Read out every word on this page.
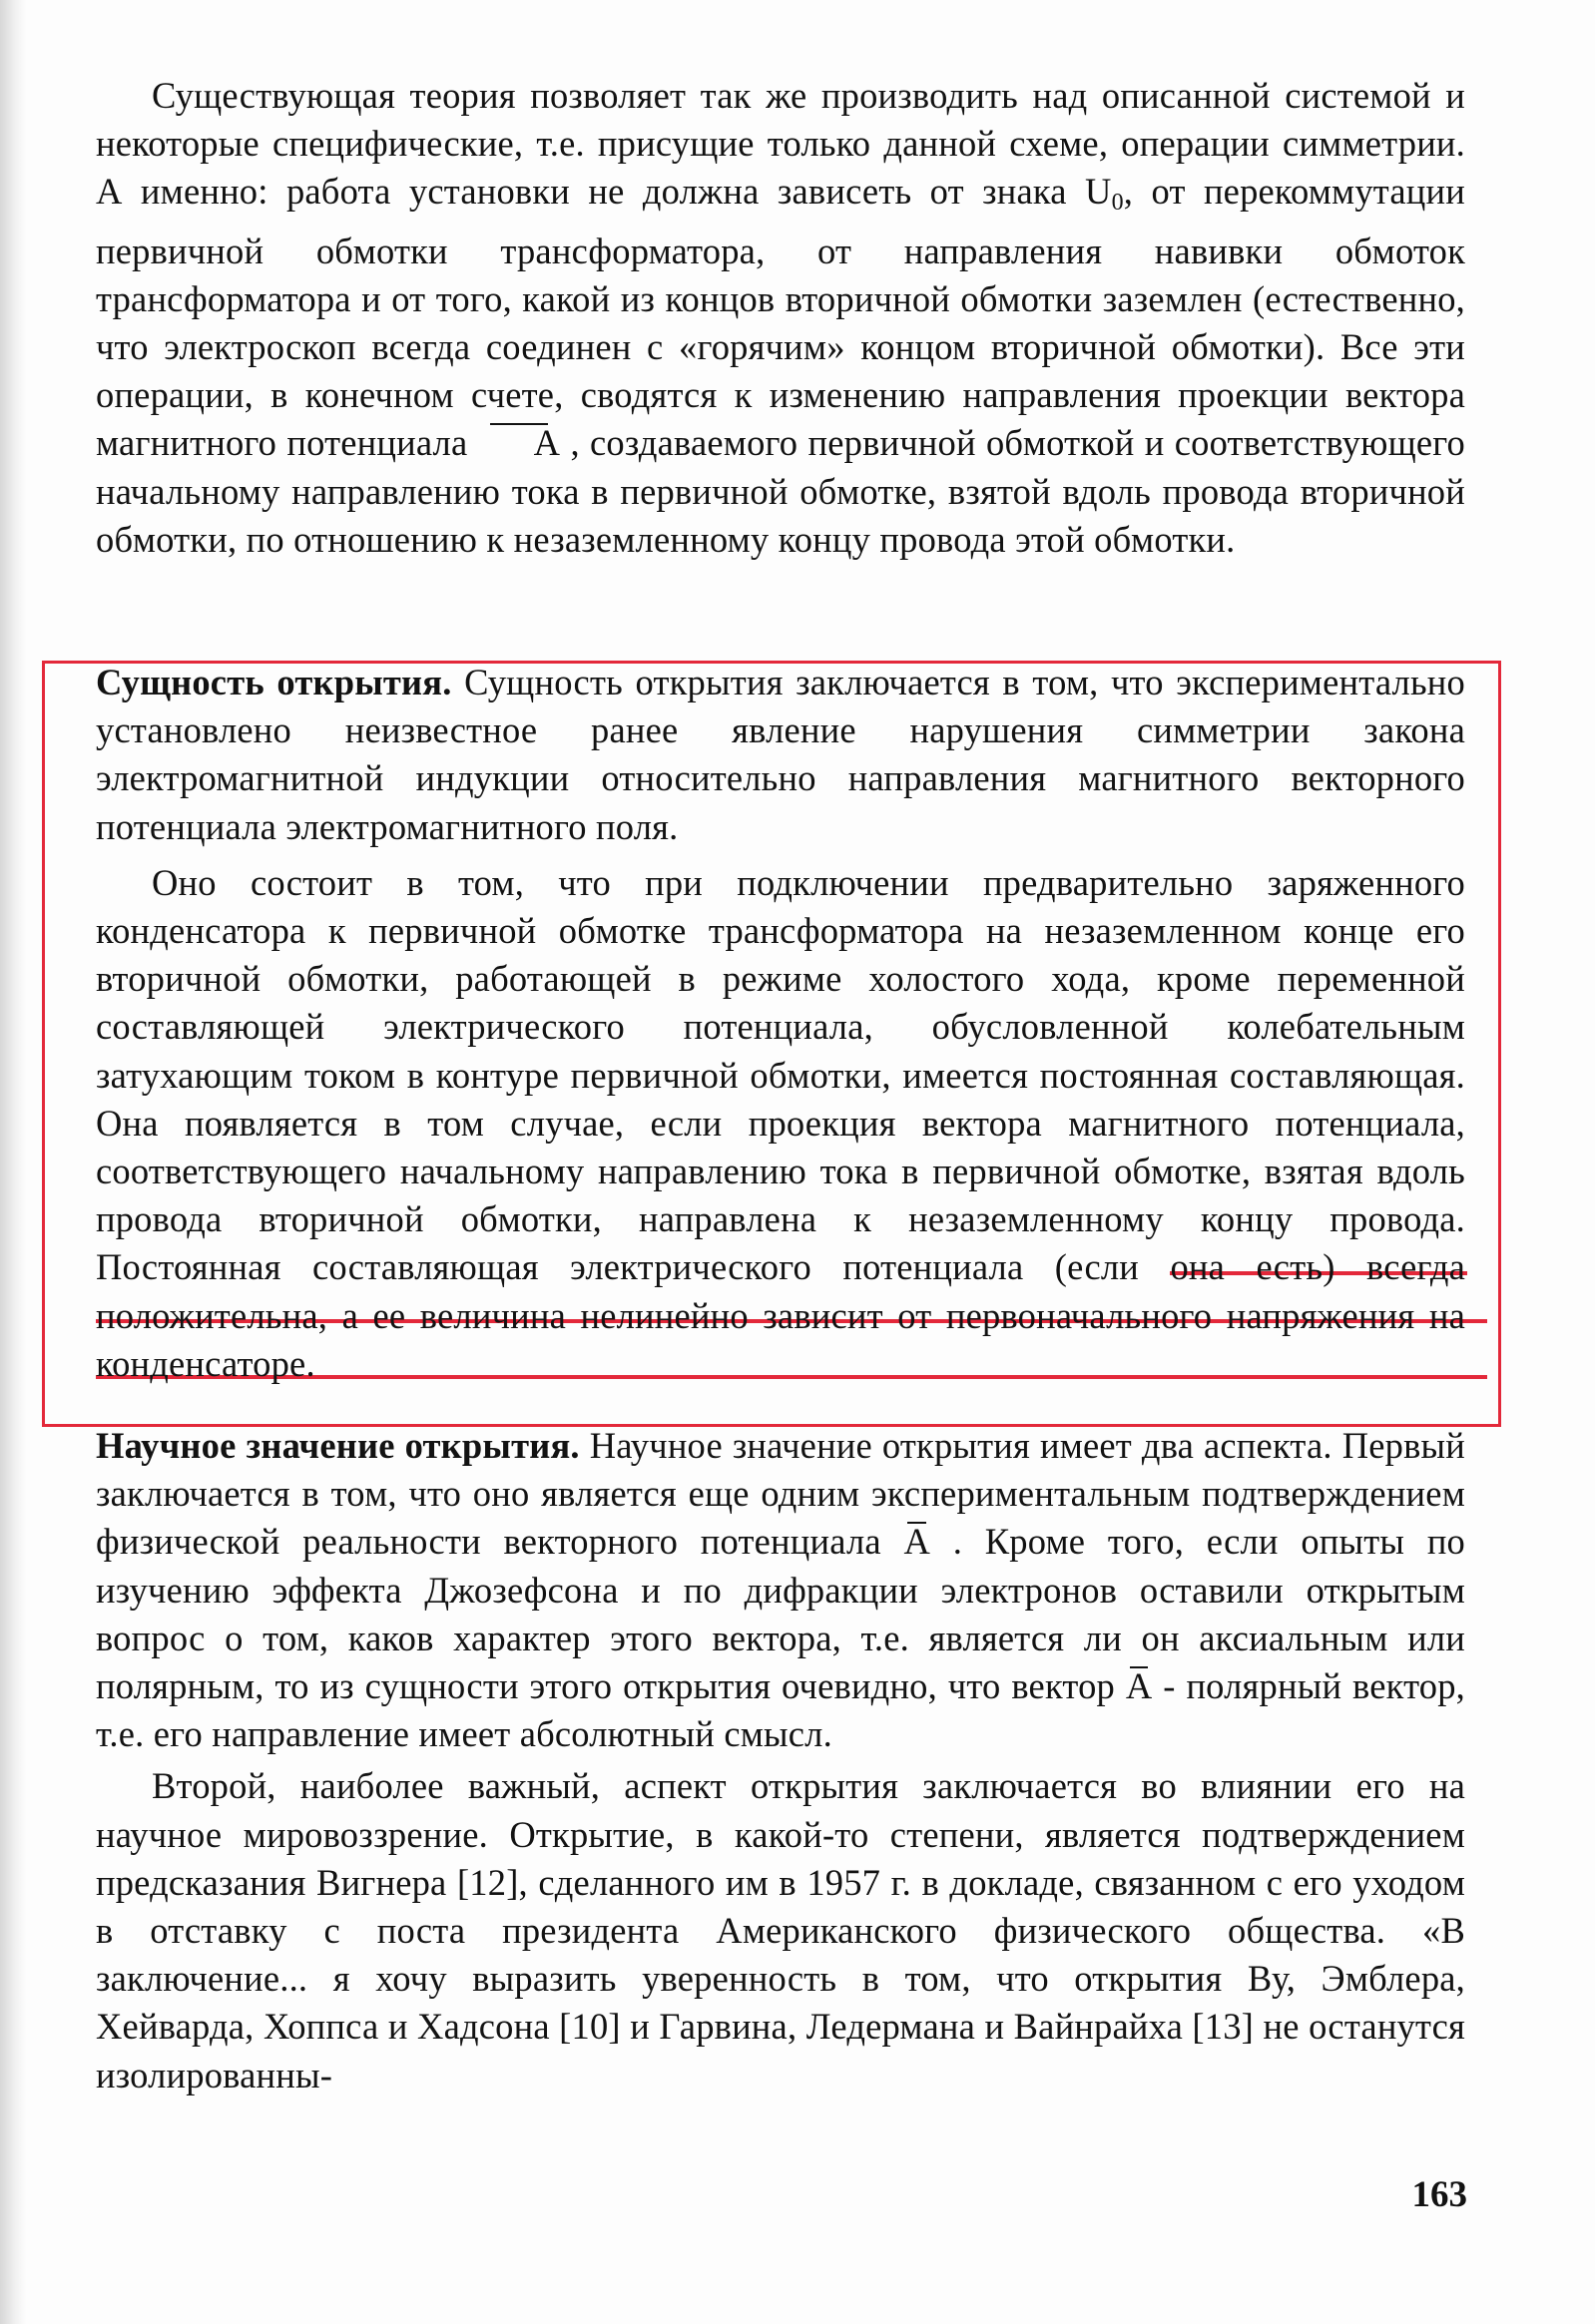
Существующая теория позволяет так же производить над описанной системой и некоторые специфические, т.е. присущие только данной схеме, операции симметрии. А именно: работа установки не должна зависеть от знака $U_0$, от перекоммутации первичной обмотки трансформатора, от направления навивки обмоток трансформатора и от того, какой из концов вторичной обмотки заземлен (естественно, что электроскоп всегда соединен с «горячим» концом вторичной обмотки). Все эти операции, в конечном счете, сводятся к изменению направления проекции вектора магнитного потенциала A , создаваемого первичной обмоткой и соответствующего начальному направлению тока в первичной обмотке, взятой вдоль провода вторичной обмотки, по отношению к незаземленному концу провода этой обмотки.

Сущность открытия. Сущность открытия заключается в том, что экспериментально установлено неизвестное ранее явление нарушения симметрии закона электромагнитной индукции относительно направления магнитного векторного потенциала электромагнитного поля.

Оно состоит в том, что при подключении предварительно заряженного конденсатора к первичной обмотке трансформатора на незаземленном конце его вторичной обмотки, работающей в режиме холостого хода, кроме переменной составляющей электрического потенциала, обусловленной колебательным затухающим током в контуре первичной обмотки, имеется постоянная составляющая. Она появляется в том случае, если проекция вектора магнитного потенциала, соответствующего начальному направлению тока в первичной обмотке, взятая вдоль провода вторичной обмотки, направлена к незаземленному концу провода. Постоянная составляющая электрического потенциала (если она есть) всегда положительна, а ее величина нелинейно зависит от первоначального напряжения на конденсаторе.

Научное значение открытия. Научное значение открытия имеет два аспекта. Первый заключается в том, что оно является еще одним экспериментальным подтверждением физической реальности векторного потенциала A . Кроме того, если опыты по изучению эффекта Джозефсона и по дифракции электронов оставили открытым вопрос о том, каков характер этого вектора, т.е. является ли он аксиальным или полярным, то из сущности этого открытия очевидно, что вектор A - полярный вектор, т.е. его направление имеет абсолютный смысл.

Второй, наиболее важный, аспект открытия заключается во влиянии его на научное мировоззрение. Открытие, в какой-то степени, является подтверждением предсказания Вигнера [12], сделанного им в 1957 г. в докладе, связанном с его уходом в отставку с поста президента Американского физического общества. «В заключение... я хочу выразить уверенность в том, что открытия Ву, Эмблера, Хейварда, Хоппса и Хадсона [10] и Гарвина, Ледермана и Вайнрайха [13] не останутся изолированны-

163
